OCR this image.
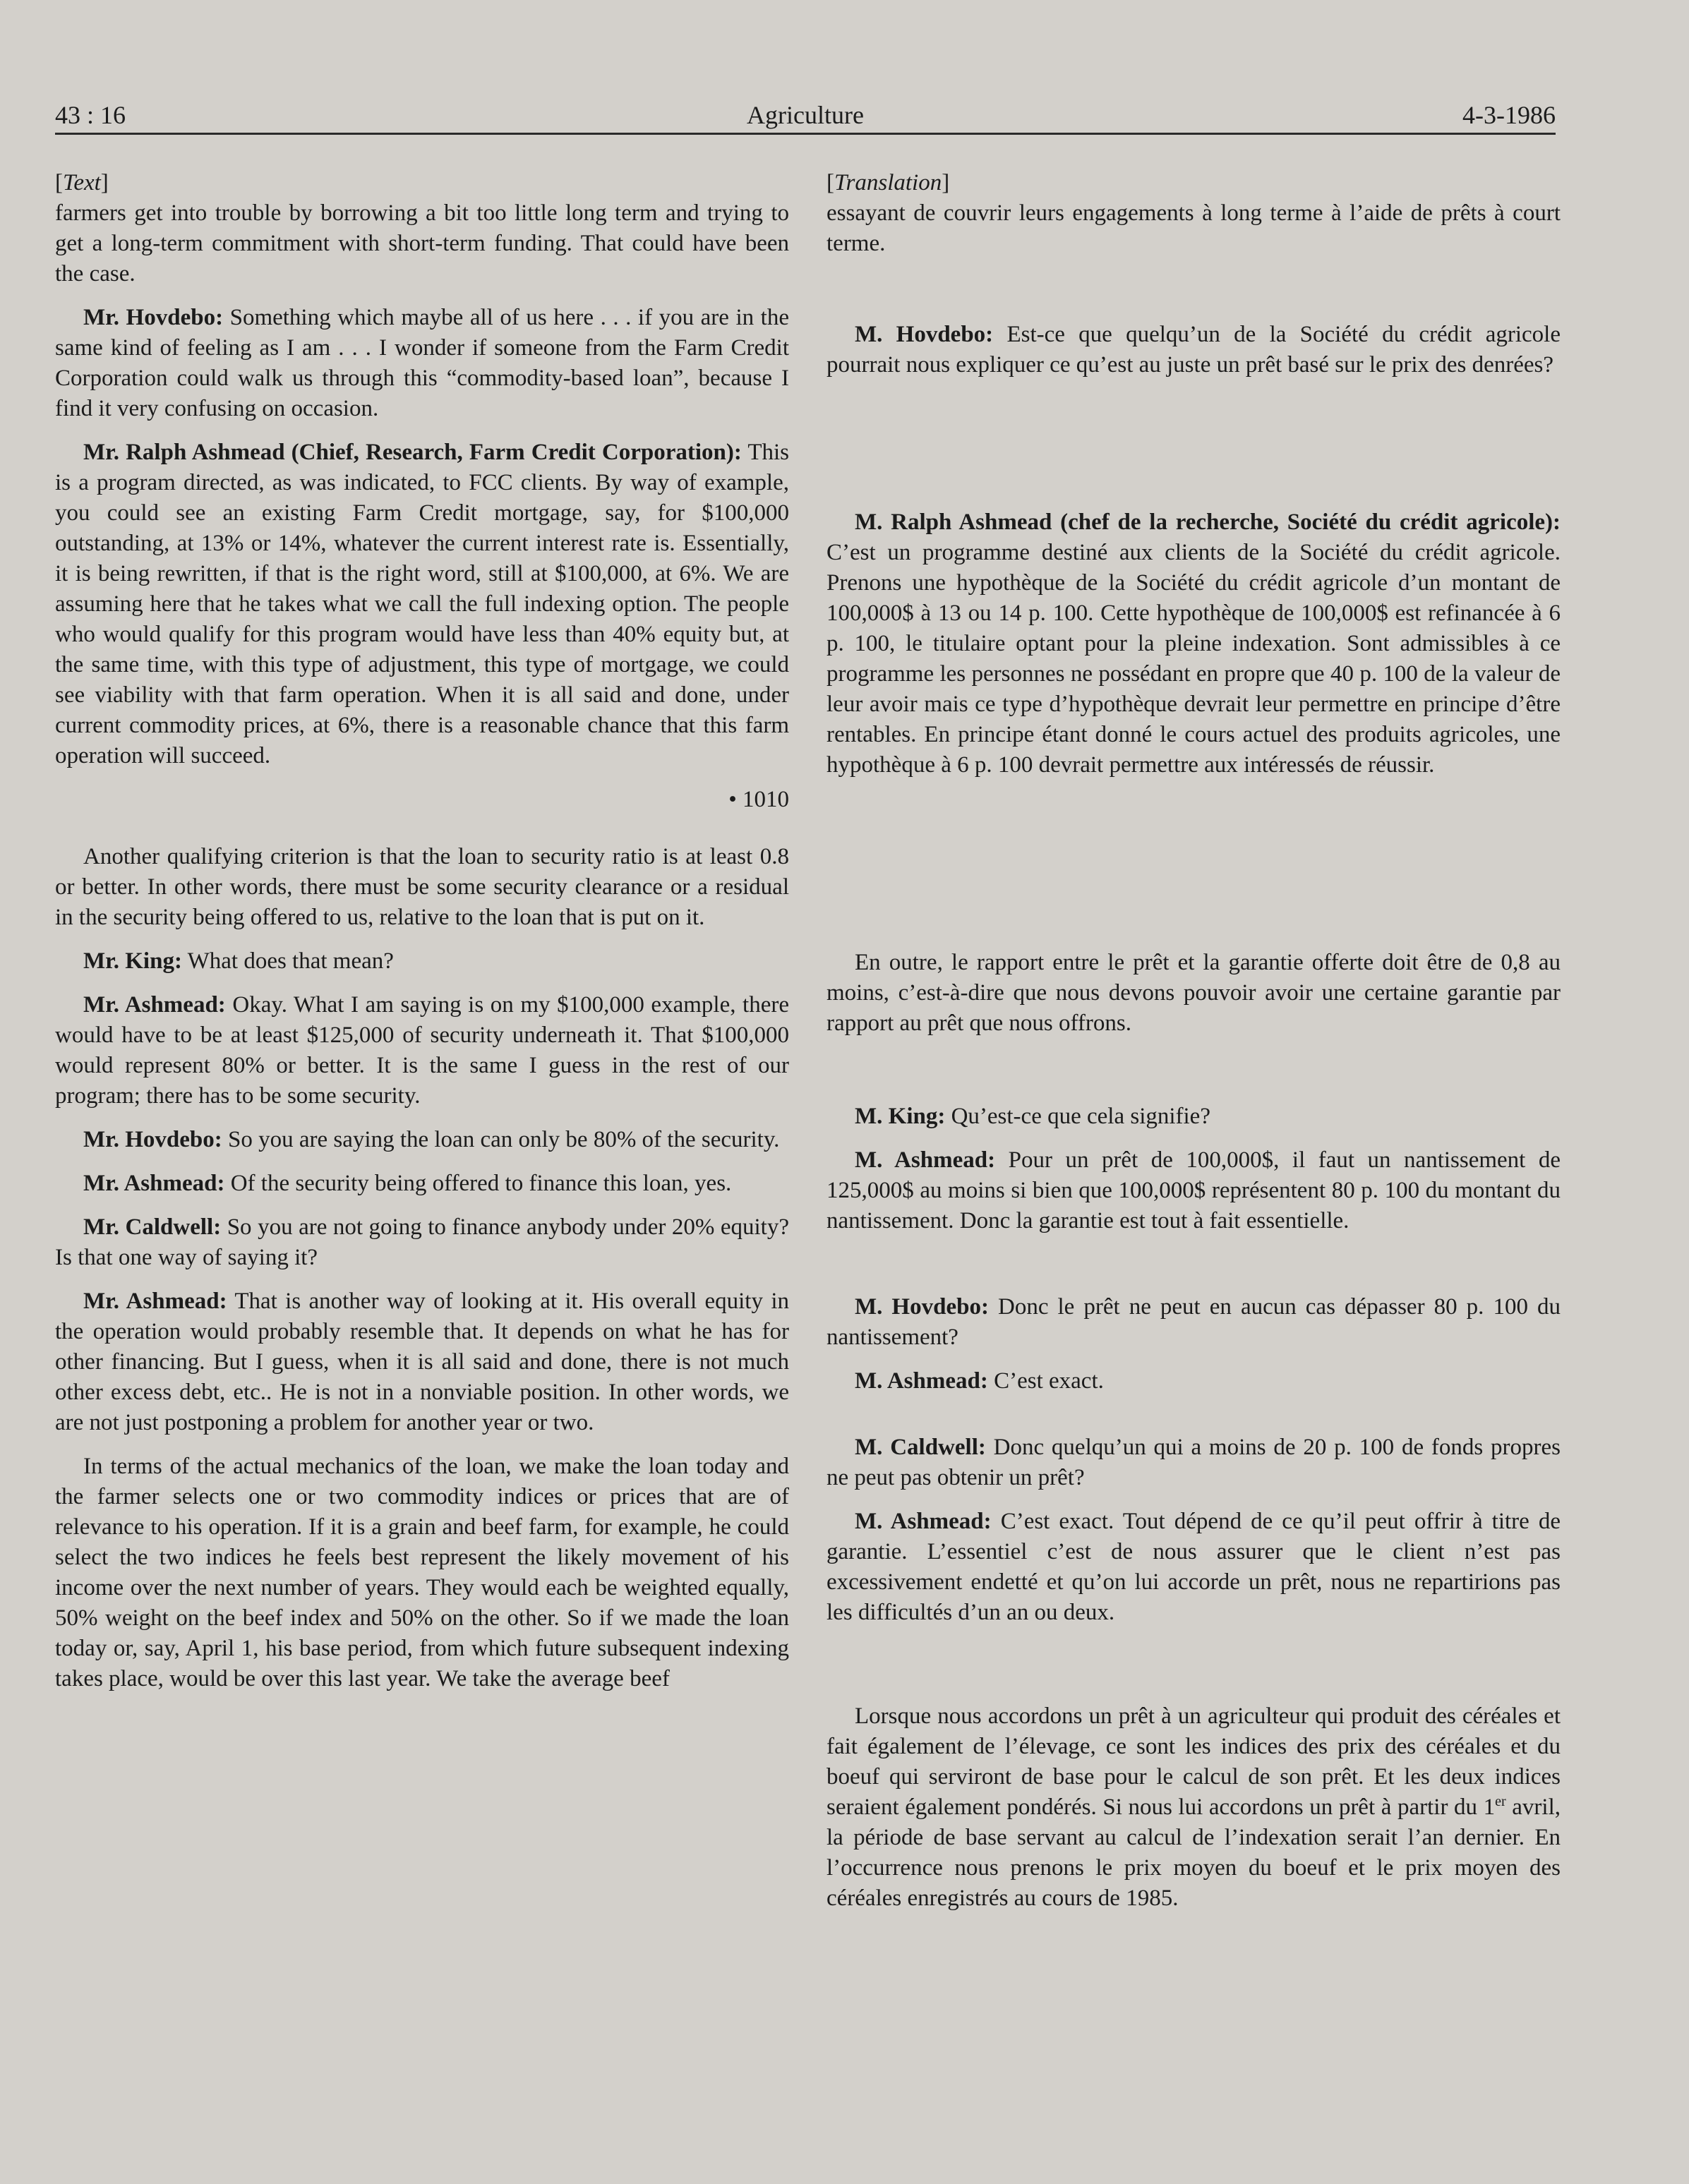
43 : 16	Agriculture	4-3-1986

[Text]

farmers get into trouble by borrowing a bit too little long term and trying to get a long-term commitment with short-term funding. That could have been the case.

Mr. Hovdebo: Something which maybe all of us here . . . if you are in the same kind of feeling as I am . . . I wonder if someone from the Farm Credit Corporation could walk us through this “commodity-based loan”, because I find it very confusing on occasion.

Mr. Ralph Ashmead (Chief, Research, Farm Credit Corporation): This is a program directed, as was indicated, to FCC clients. By way of example, you could see an existing Farm Credit mortgage, say, for $100,000 outstanding, at 13% or 14%, whatever the current interest rate is. Essentially, it is being rewritten, if that is the right word, still at $100,000, at 6%. We are assuming here that he takes what we call the full indexing option. The people who would qualify for this program would have less than 40% equity but, at the same time, with this type of adjustment, this type of mortgage, we could see viability with that farm operation. When it is all said and done, under current commodity prices, at 6%, there is a reasonable chance that this farm operation will succeed.

• 1010

Another qualifying criterion is that the loan to security ratio is at least 0.8 or better. In other words, there must be some security clearance or a residual in the security being offered to us, relative to the loan that is put on it.

Mr. King: What does that mean?

Mr. Ashmead: Okay. What I am saying is on my $100,000 example, there would have to be at least $125,000 of security underneath it. That $100,000 would represent 80% or better. It is the same I guess in the rest of our program; there has to be some security.

Mr. Hovdebo: So you are saying the loan can only be 80% of the security.

Mr. Ashmead: Of the security being offered to finance this loan, yes.

Mr. Caldwell: So you are not going to finance anybody under 20% equity? Is that one way of saying it?

Mr. Ashmead: That is another way of looking at it. His overall equity in the operation would probably resemble that. It depends on what he has for other financing. But I guess, when it is all said and done, there is not much other excess debt, etc.. He is not in a nonviable position. In other words, we are not just postponing a problem for another year or two.

In terms of the actual mechanics of the loan, we make the loan today and the farmer selects one or two commodity indices or prices that are of relevance to his operation. If it is a grain and beef farm, for example, he could select the two indices he feels best represent the likely movement of his income over the next number of years. They would each be weighted equally, 50% weight on the beef index and 50% on the other. So if we made the loan today or, say, April 1, his base period, from which future subsequent indexing takes place, would be over this last year. We take the average beef

[Translation]

essayant de couvrir leurs engagements à long terme à l’aide de prêts à court terme.

M. Hovdebo: Est-ce que quelqu’un de la Société du crédit agricole pourrait nous expliquer ce qu’est au juste un prêt basé sur le prix des denrées?

M. Ralph Ashmead (chef de la recherche, Société du crédit agricole): C’est un programme destiné aux clients de la Société du crédit agricole. Prenons une hypothèque de la Société du crédit agricole d’un montant de 100,000$ à 13 ou 14 p. 100. Cette hypothèque de 100,000$ est refinancée à 6 p. 100, le titulaire optant pour la pleine indexation. Sont admissibles à ce programme les personnes ne possédant en propre que 40 p. 100 de la valeur de leur avoir mais ce type d’hypothèque devrait leur permettre en principe d’être rentables. En principe étant donné le cours actuel des produits agricoles, une hypothèque à 6 p. 100 devrait permettre aux intéressés de réussir.

En outre, le rapport entre le prêt et la garantie offerte doit être de 0,8 au moins, c’est-à-dire que nous devons pouvoir avoir une certaine garantie par rapport au prêt que nous offrons.

M. King: Qu’est-ce que cela signifie?

M. Ashmead: Pour un prêt de 100,000$, il faut un nantissement de 125,000$ au moins si bien que 100,000$ représentent 80 p. 100 du montant du nantissement. Donc la garantie est tout à fait essentielle.

M. Hovdebo: Donc le prêt ne peut en aucun cas dépasser 80 p. 100 du nantissement?

M. Ashmead: C’est exact.

M. Caldwell: Donc quelqu’un qui a moins de 20 p. 100 de fonds propres ne peut pas obtenir un prêt?

M. Ashmead: C’est exact. Tout dépend de ce qu’il peut offrir à titre de garantie. L’essentiel c’est de nous assurer que le client n’est pas excessivement endetté et qu’on lui accorde un prêt, nous ne repartirions pas les difficultés d’un an ou deux.

Lorsque nous accordons un prêt à un agriculteur qui produit des céréales et fait également de l’élevage, ce sont les indices des prix des céréales et du boeuf qui serviront de base pour le calcul de son prêt. Et les deux indices seraient également pondérés. Si nous lui accordons un prêt à partir du 1er avril, la période de base servant au calcul de l’indexation serait l’an dernier. En l’occurrence nous prenons le prix moyen du boeuf et le prix moyen des céréales enregistrés au cours de 1985.
